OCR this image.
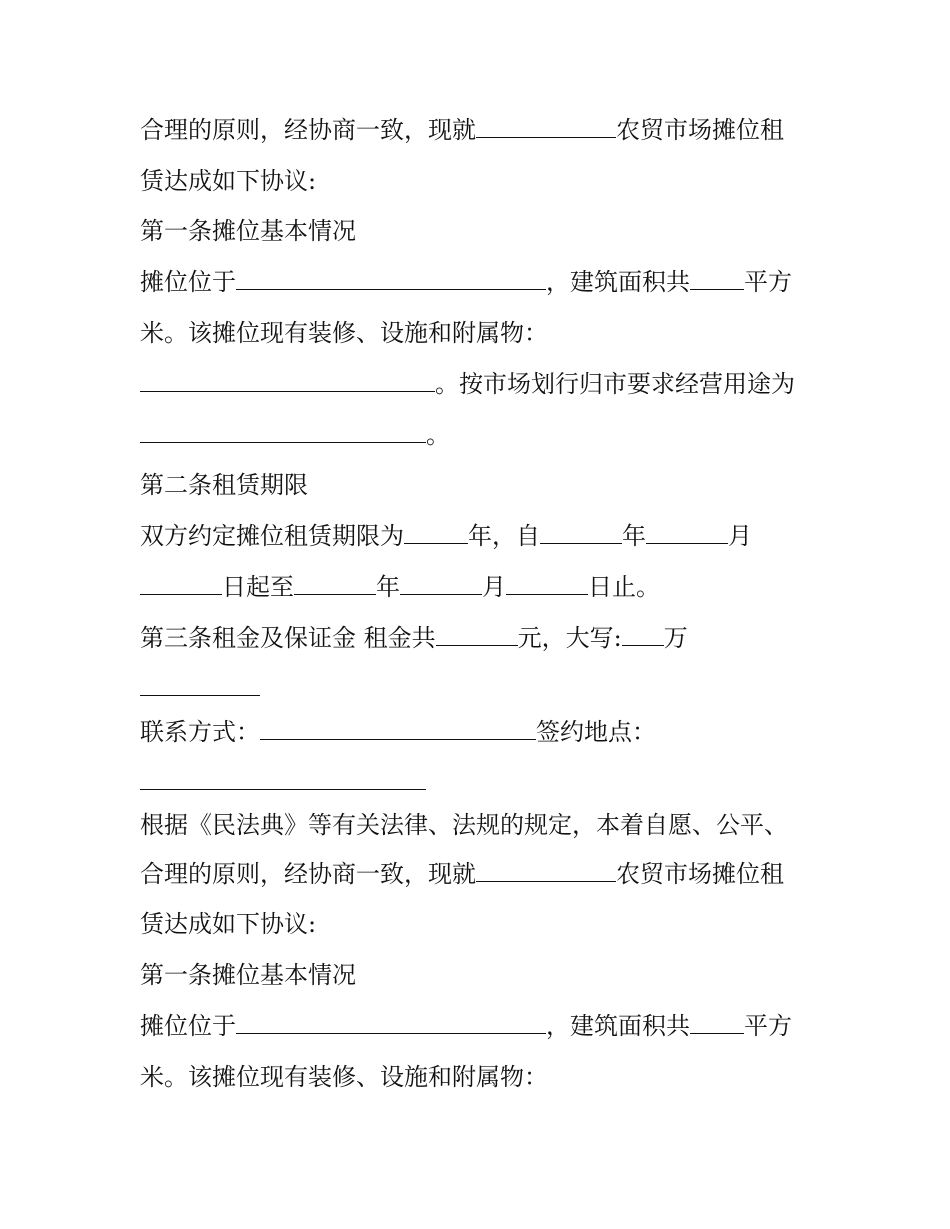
合理的原则，经协商一致，现就	农贸市场摊位租
赁达成如下协议:
第一条摊位基本情况
摊位位于	，建筑面积共 平方
米。该摊位现有装修、设施和附属物：
。按市场划行归市要求经营用途为
。
第二条租赁期限
双方约定摊位租赁期限为	年，自	年	月
日起至	年	月	日止。
第三条租金及保证金 租金共	元，大写: 万
联系方式：	签约地点：
根据《民法典》等有关法律、法规的规定，本着自愿、公平、
合理的原则，经协商一致，现就	农贸市场摊位租
赁达成如下协议:
第一条摊位基本情况
摊位位于	，建筑面积共 平方
米。该摊位现有装修、设施和附属物：
